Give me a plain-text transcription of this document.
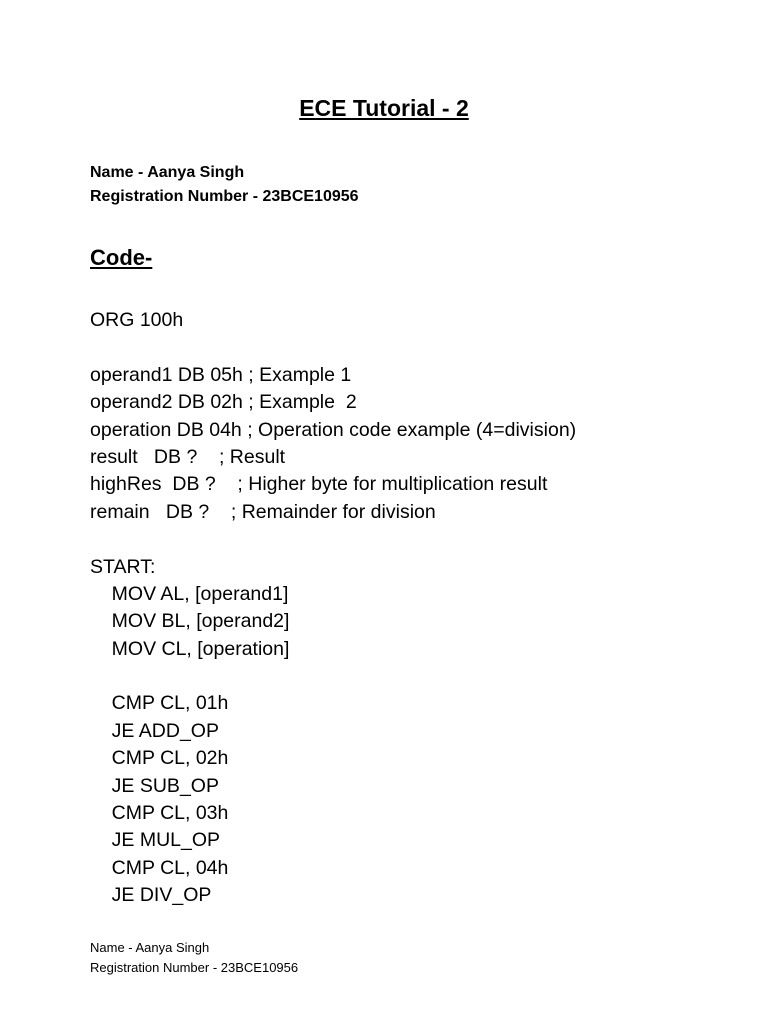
ECE Tutorial - 2
Name - Aanya Singh
Registration Number - 23BCE10956
Code-
ORG 100h
operand1 DB 05h ; Example 1
operand2 DB 02h ; Example  2
operation DB 04h ; Operation code example (4=division)
result   DB ?    ; Result
highRes  DB ?    ; Higher byte for multiplication result
remain   DB ?    ; Remainder for division
START:
MOV AL, [operand1]
MOV BL, [operand2]
MOV CL, [operation]
CMP CL, 01h
JE ADD_OP
CMP CL, 02h
JE SUB_OP
CMP CL, 03h
JE MUL_OP
CMP CL, 04h
JE DIV_OP
Name - Aanya Singh
Registration Number - 23BCE10956
